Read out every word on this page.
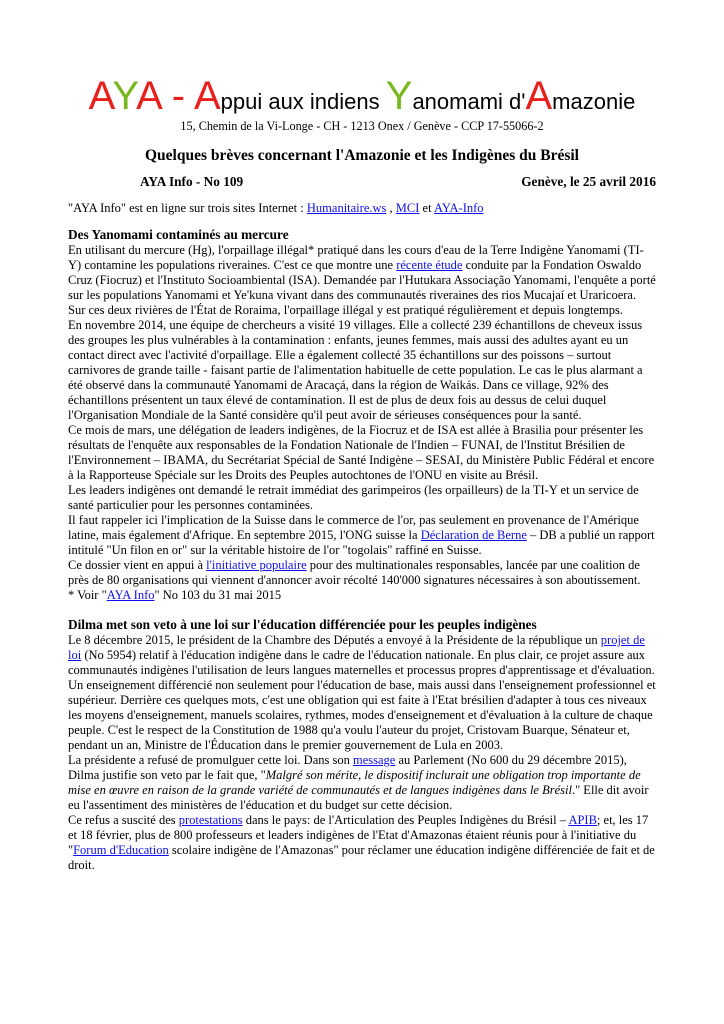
AYA - Appui aux indiens Yanomami d'Amazonie
15, Chemin de la Vi-Longe - CH - 1213 Onex / Genève - CCP 17-55066-2
Quelques brèves concernant l'Amazonie et les Indigènes du Brésil
AYA Info - No 109	Genève, le 25 avril 2016
"AYA Info" est en ligne sur trois sites Internet : Humanitaire.ws , MCI et AYA-Info
Des Yanomami contaminés au mercure

En utilisant du mercure (Hg), l'orpaillage illégal* pratiqué dans les cours d'eau de la Terre Indigène Yanomami (TI-Y) contamine les populations riveraines. C'est ce que montre une récente étude conduite par la Fondation Oswaldo Cruz (Fiocruz) et l'Instituto Socioambiental (ISA). Demandée par l'Hutukara Associação Yanomami, l'enquête a porté sur les populations Yanomami et Ye'kuna vivant dans des communautés riveraines des rios Mucajaí et Uraricoera. Sur ces deux rivières de l'État de Roraima, l'orpaillage illégal y est pratiqué régulièrement et depuis longtemps.

En novembre 2014, une équipe de chercheurs a visité 19 villages. Elle a collecté 239 échantillons de cheveux issus des groupes les plus vulnérables à la contamination : enfants, jeunes femmes, mais aussi des adultes ayant eu un contact direct avec l'activité d'orpaillage. Elle a également collecté 35 échantillons sur des poissons – surtout carnivores de grande taille - faisant partie de l'alimentation habituelle de cette population. Le cas le plus alarmant a été observé dans la communauté Yanomami de Aracaçá, dans la région de Waikás. Dans ce village, 92% des échantillons présentent un taux élevé de contamination. Il est de plus de deux fois au dessus de celui duquel l'Organisation Mondiale de la Santé considère qu'il peut avoir de sérieuses conséquences pour la santé.

Ce mois de mars, une délégation de leaders indigènes, de la Fiocruz et de ISA est allée à Brasilia pour présenter les résultats de l'enquête aux responsables de la Fondation Nationale de l'Indien – FUNAI, de l'Institut Brésilien de l'Environnement – IBAMA, du Secrétariat Spécial de Santé Indigène – SESAI, du Ministère Public Fédéral et encore à la Rapporteuse Spéciale sur les Droits des Peuples autochtones de l'ONU en visite au Brésil.

Les leaders indigènes ont demandé le retrait immédiat des garimpeiros (les orpailleurs) de la TI-Y et un service de santé particulier pour les personnes contaminées.

Il faut rappeler ici l'implication de la Suisse dans le commerce de l'or, pas seulement en provenance de l'Amérique latine, mais également d'Afrique. En septembre 2015, l'ONG suisse la Déclaration de Berne – DB a publié un rapport intitulé "Un filon en or" sur la véritable histoire de l'or "togolais" raffiné en Suisse.

Ce dossier vient en appui à l'initiative populaire pour des multinationales responsables, lancée par une coalition de près de 80 organisations qui viennent d'annoncer avoir récolté 140'000 signatures nécessaires à son aboutissement.

* Voir "AYA Info" No 103 du 31 mai 2015

Dilma met son veto à une loi sur l'éducation différenciée pour les peuples indigènes

Le 8 décembre 2015, le président de la Chambre des Députés a envoyé à la Présidente de la république un projet de loi (No 5954) relatif à l'éducation indigène dans le cadre de l'éducation nationale. En plus clair, ce projet assure aux communautés indigènes l'utilisation de leurs langues maternelles et processus propres d'apprentissage et d'évaluation. Un enseignement différencié non seulement pour l'éducation de base, mais aussi dans l'enseignement professionnel et supérieur. Derrière ces quelques mots, c'est une obligation qui est faite à l'Etat brésilien d'adapter à tous ces niveaux les moyens d'enseignement, manuels scolaires, rythmes, modes d'enseignement et d'évaluation à la culture de chaque peuple. C'est le respect de la Constitution de 1988 qu'a voulu l'auteur du projet, Cristovam Buarque, Sénateur et, pendant un an, Ministre de l'Éducation dans le premier gouvernement de Lula en 2003.

La présidente a refusé de promulguer cette loi. Dans son message au Parlement (No 600 du 29 décembre 2015), Dilma justifie son veto par le fait que, "Malgré son mérite, le dispositif inclurait une obligation trop importante de mise en œuvre en raison de la grande variété de communautés et de langues indigènes dans le Brésil." Elle dit avoir eu l'assentiment des ministères de l'éducation et du budget sur cette décision.

Ce refus a suscité des protestations dans le pays: de l'Articulation des Peuples Indigènes du Brésil – APIB; et, les 17 et 18 février, plus de 800 professeurs et leaders indigènes de l'Etat d'Amazonas étaient réunis pour à l'initiative du "Forum d'Education scolaire indigène de l'Amazonas" pour réclamer une éducation indigène différenciée de fait et de droit.
